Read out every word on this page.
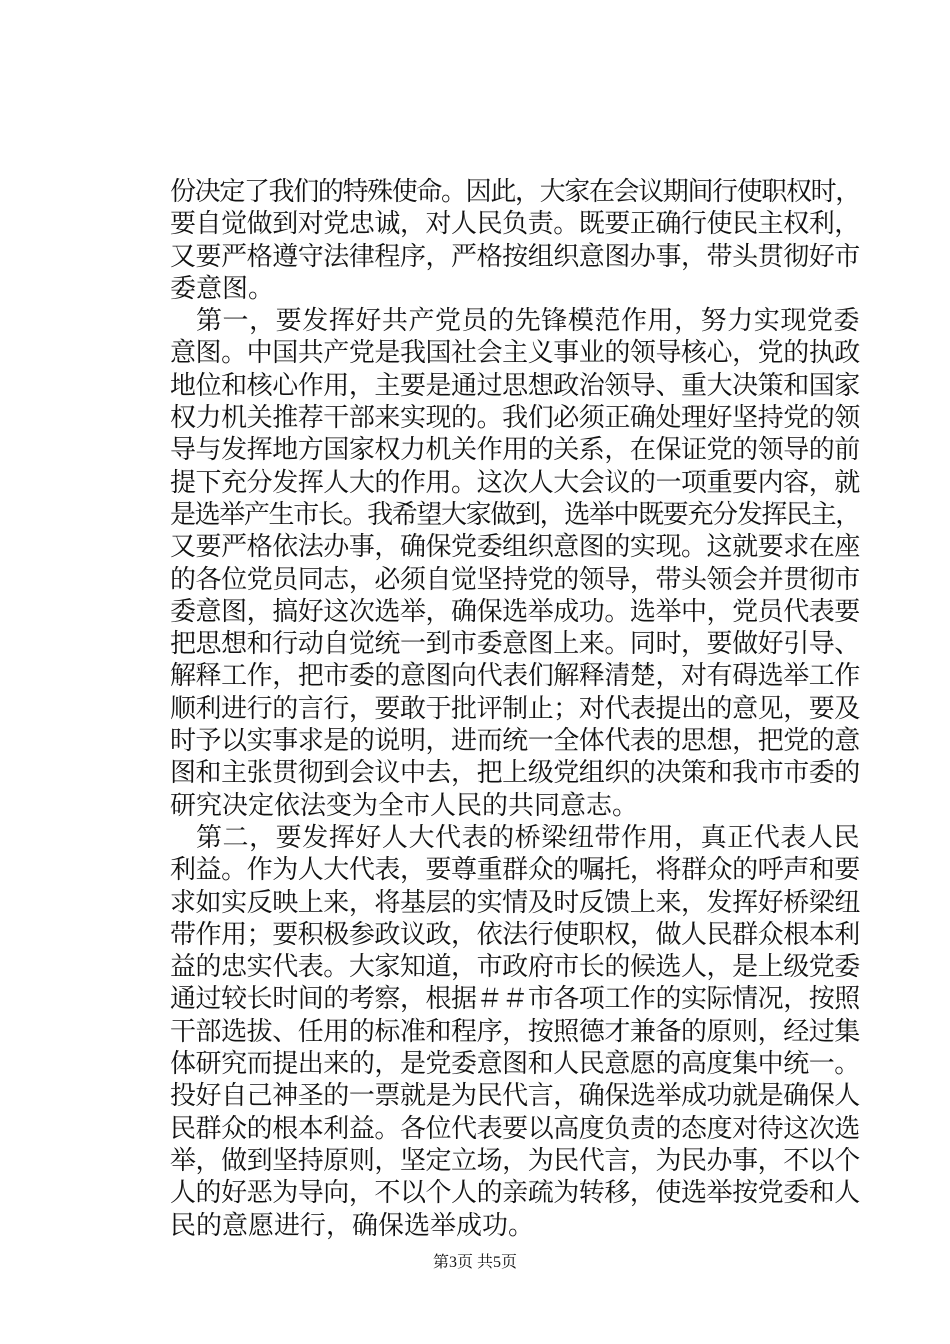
份决定了我们的特殊使命。因此，大家在会议期间行使职权时，
要自觉做到对党忠诚，对人民负责。既要正确行使民主权利，
又要严格遵守法律程序，严格按组织意图办事，带头贯彻好市
委意图。
第一，要发挥好共产党员的先锋模范作用，努力实现党委
意图。中国共产党是我国社会主义事业的领导核心，党的执政
地位和核心作用，主要是通过思想政治领导、重大决策和国家
权力机关推荐干部来实现的。我们必须正确处理好坚持党的领
导与发挥地方国家权力机关作用的关系，在保证党的领导的前
提下充分发挥人大的作用。这次人大会议的一项重要内容，就
是选举产生市长。我希望大家做到，选举中既要充分发挥民主，
又要严格依法办事，确保党委组织意图的实现。这就要求在座
的各位党员同志，必须自觉坚持党的领导，带头领会并贯彻市
委意图，搞好这次选举，确保选举成功。选举中，党员代表要
把思想和行动自觉统一到市委意图上来。同时，要做好引导、
解释工作，把市委的意图向代表们解释清楚，对有碍选举工作
顺利进行的言行，要敢于批评制止；对代表提出的意见，要及
时予以实事求是的说明，进而统一全体代表的思想，把党的意
图和主张贯彻到会议中去，把上级党组织的决策和我市市委的
研究决定依法变为全市人民的共同意志。
第二，要发挥好人大代表的桥梁纽带作用，真正代表人民
利益。作为人大代表，要尊重群众的嘱托，将群众的呼声和要
求如实反映上来，将基层的实情及时反馈上来，发挥好桥梁纽
带作用；要积极参政议政，依法行使职权，做人民群众根本利
益的忠实代表。大家知道，市政府市长的候选人，是上级党委
通过较长时间的考察，根据＃＃市各项工作的实际情况，按照
干部选拔、任用的标准和程序，按照德才兼备的原则，经过集
体研究而提出来的，是党委意图和人民意愿的高度集中统一。
投好自己神圣的一票就是为民代言，确保选举成功就是确保人
民群众的根本利益。各位代表要以高度负责的态度对待这次选
举，做到坚持原则，坚定立场，为民代言，为民办事，不以个
人的好恶为导向，不以个人的亲疏为转移，使选举按党委和人
民的意愿进行，确保选举成功。
第3页 共5页
